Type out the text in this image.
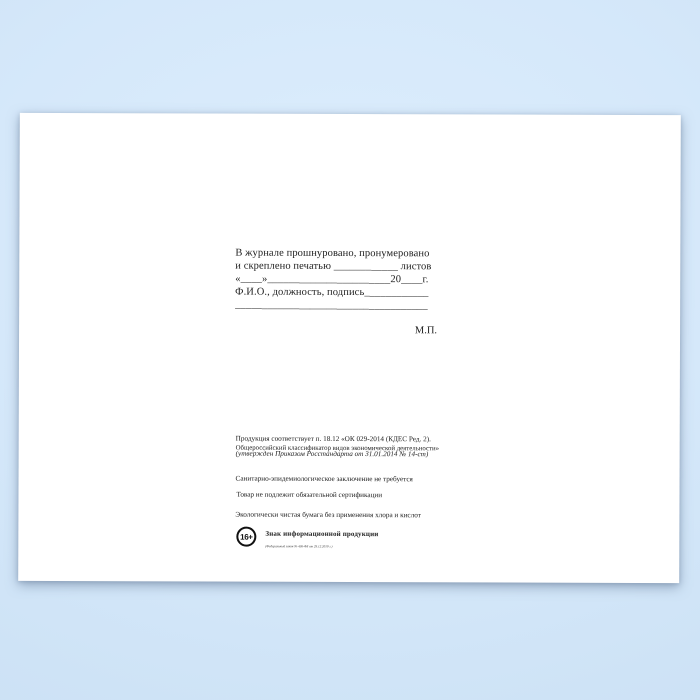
В журнале прошнуровано, пронумеровано
и скреплено печатью ____________ листов
«____»_______________________20____г.
Ф.И.О., должность, подпись____________
____________________________________
М.П.
Продукция соответствует п. 18.12 «ОК 029-2014 (КДЕС Ред. 2).
Общероссийский классификатор видов экономической деятельности»
(утвержден Приказом Росстандарта от 31.01.2014 № 14-ст)
Санитарно-эпидемиологическое заключение не требуется
Товар не подлежит обязательной сертификации
Экологически чистая бумага без применения хлора и кислот
16+	Знак информационной продукции
(Федеральный закон № 436-ФЗ от 29.12.2010 г.)
